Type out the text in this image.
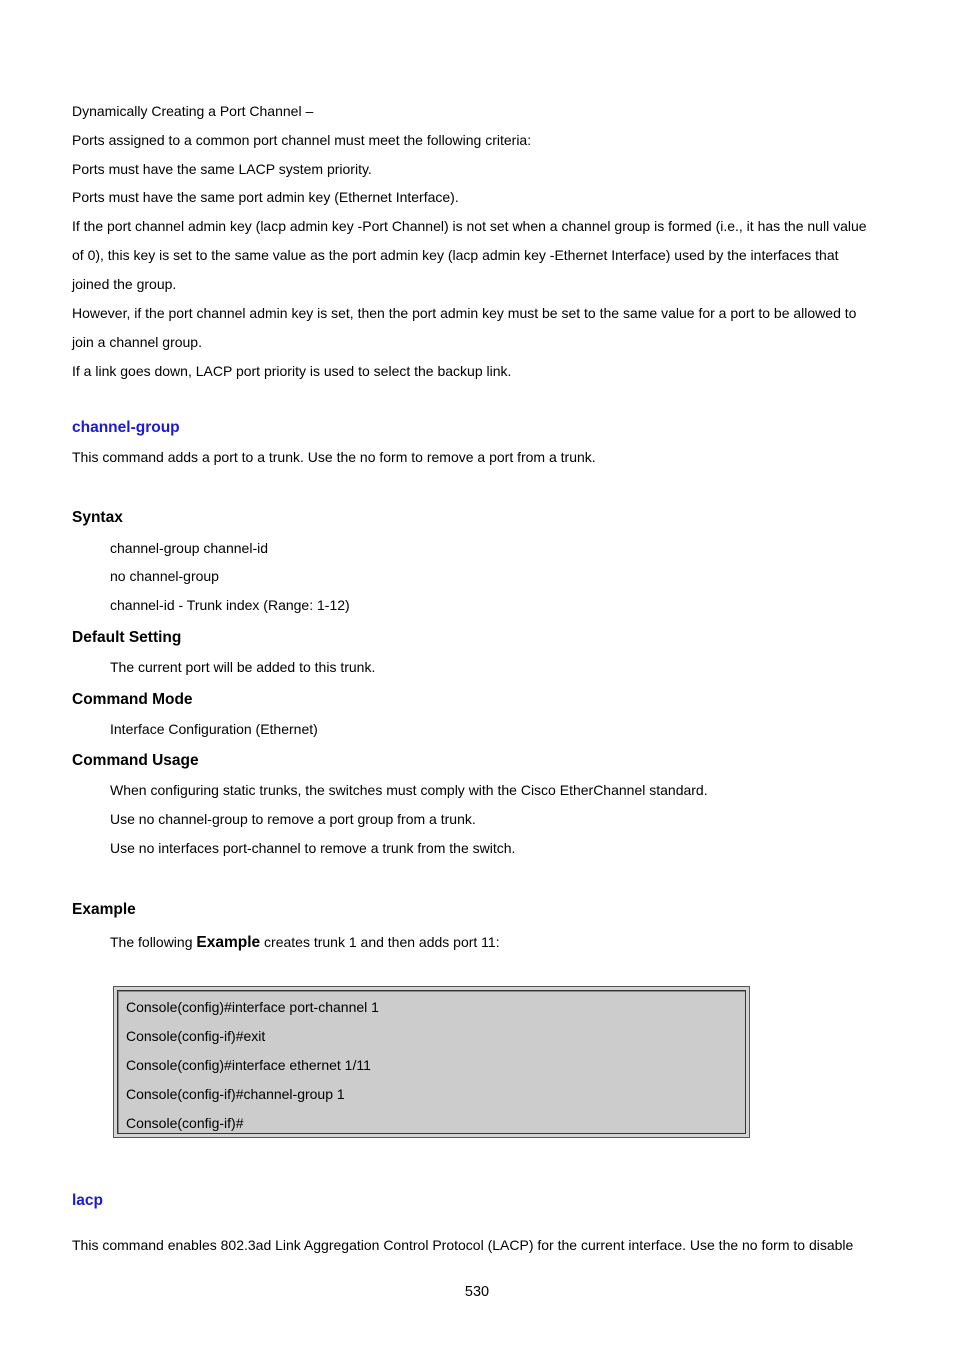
Dynamically Creating a Port Channel –
Ports assigned to a common port channel must meet the following criteria:
Ports must have the same LACP system priority.
Ports must have the same port admin key (Ethernet Interface).
If the port channel admin key (lacp admin key -Port Channel) is not set when a channel group is formed (i.e., it has the null value
of 0), this key is set to the same value as the port admin key (lacp admin key -Ethernet Interface) used by the interfaces that
joined the group.
However, if the port channel admin key is set, then the port admin key must be set to the same value for a port to be allowed to
join a channel group.
If a link goes down, LACP port priority is used to select the backup link.
channel-group
This command adds a port to a trunk. Use the no form to remove a port from a trunk.
Syntax
channel-group channel-id
no channel-group
channel-id - Trunk index (Range: 1-12)
Default Setting
The current port will be added to this trunk.
Command Mode
Interface Configuration (Ethernet)
Command Usage
When configuring static trunks, the switches must comply with the Cisco EtherChannel standard.
Use no channel-group to remove a port group from a trunk.
Use no interfaces port-channel to remove a trunk from the switch.
Example
The following Example creates trunk 1 and then adds port 11:
Console(config)#interface port-channel 1
Console(config-if)#exit
Console(config)#interface ethernet 1/11
Console(config-if)#channel-group 1
Console(config-if)#
lacp
This command enables 802.3ad Link Aggregation Control Protocol (LACP) for the current interface. Use the no form to disable
530
